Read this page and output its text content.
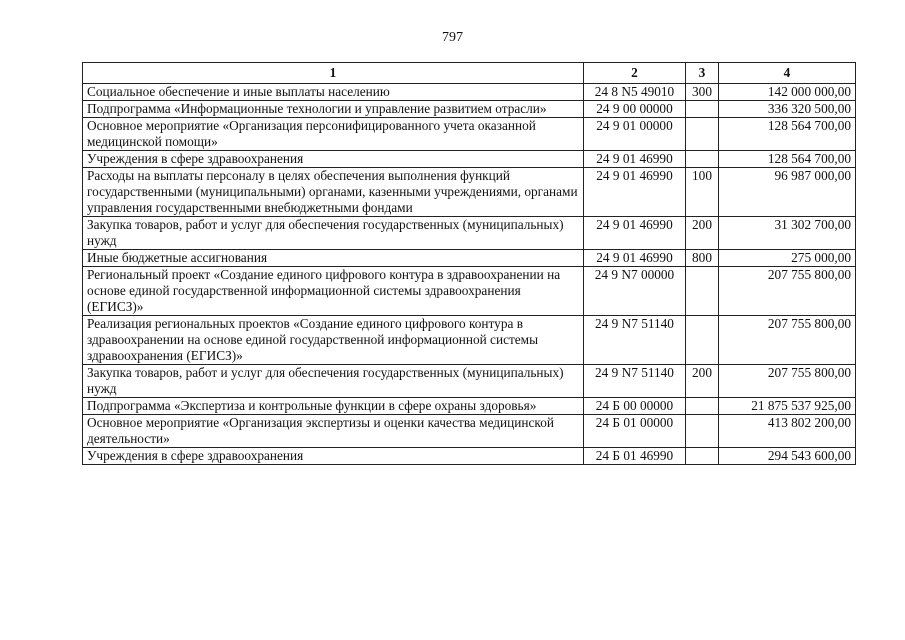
797
1	2	3	4
Социальное обеспечение и иные выплаты населению	24 8 N5 49010	300	142 000 000,00
Подпрограмма «Информационные технологии и управление развитием отрасли»	24 9 00 00000		336 320 500,00
Основное мероприятие «Организация персонифицированного учета оказанной медицинской помощи»	24 9 01 00000		128 564 700,00
Учреждения в сфере здравоохранения	24 9 01 46990		128 564 700,00
Расходы на выплаты персоналу в целях обеспечения выполнения функций государственными (муниципальными) органами, казенными учреждениями, органами управления государственными внебюджетными фондами	24 9 01 46990	100	96 987 000,00
Закупка товаров, работ и услуг для обеспечения государственных (муниципальных) нужд	24 9 01 46990	200	31 302 700,00
Иные бюджетные ассигнования	24 9 01 46990	800	275 000,00
Региональный проект «Создание единого цифрового контура в здравоохранении на основе единой государственной информационной системы здравоохранения (ЕГИСЗ)»	24 9 N7 00000		207 755 800,00
Реализация региональных проектов «Создание единого цифрового контура в здравоохранении на основе единой государственной информационной системы здравоохранения (ЕГИСЗ)»	24 9 N7 51140		207 755 800,00
Закупка товаров, работ и услуг для обеспечения государственных (муниципальных) нужд	24 9 N7 51140	200	207 755 800,00
Подпрограмма «Экспертиза и контрольные функции в сфере охраны здоровья»	24 Б 00 00000		21 875 537 925,00
Основное мероприятие «Организация экспертизы и оценки качества медицинской деятельности»	24 Б 01 00000		413 802 200,00
Учреждения в сфере здравоохранения	24 Б 01 46990		294 543 600,00
